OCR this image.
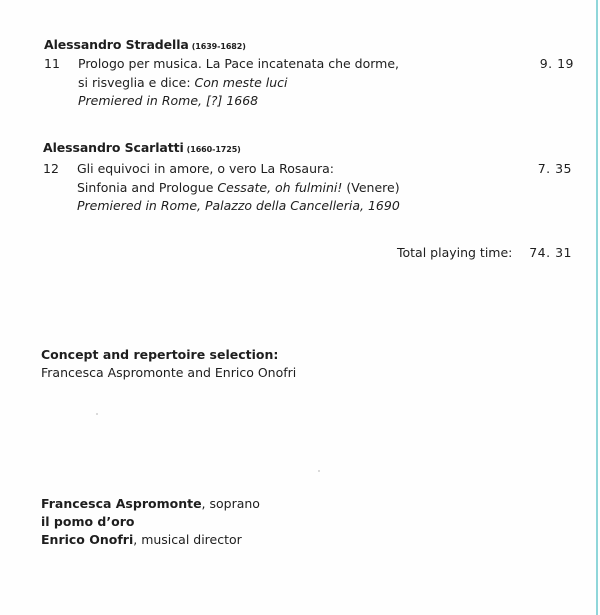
Alessandro Stradella (1639-1682)
11 Prologo per musica. La Pace incatenata che dorme,
si risveglia e dice: Con meste luci
Premiered in Rome, [?] 1668
9. 19
Alessandro Scarlatti (1660-1725)
12 Gli equivoci in amore, o vero La Rosaura:
Sinfonia and Prologue Cessate, oh fulmini! (Venere)
Premiered in Rome, Palazzo della Cancelleria, 1690
7. 35
Total playing time:	74. 31
Concept and repertoire selection:
Francesca Aspromonte and Enrico Onofri
Francesca Aspromonte, soprano
il pomo d’oro
Enrico Onofri, musical director
